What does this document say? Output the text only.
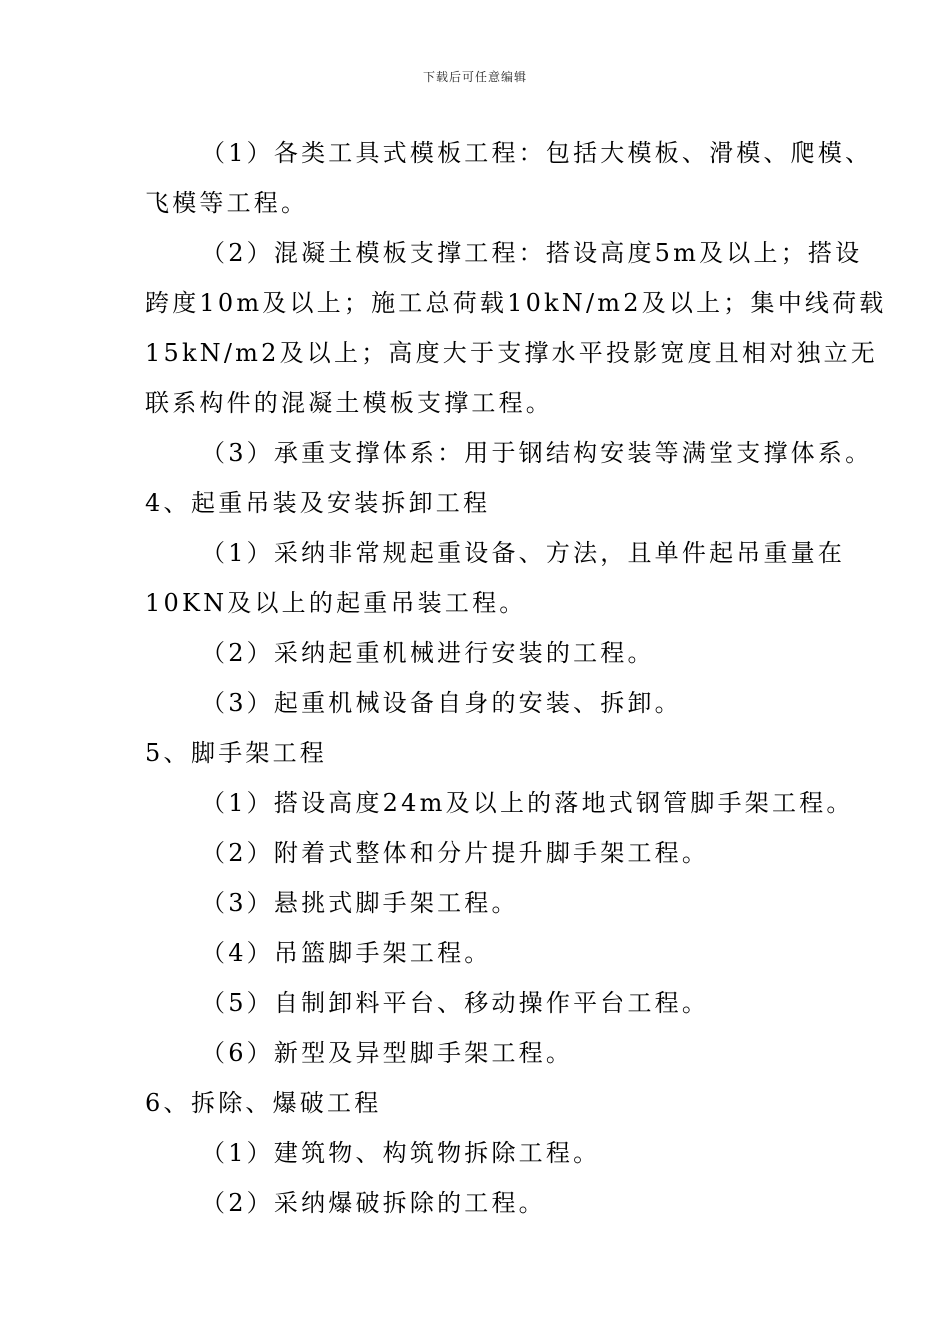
下载后可任意编辑
（1）各类工具式模板工程：包括大模板、滑模、爬模、
飞模等工程。
（2）混凝土模板支撑工程：搭设高度5m及以上；搭设
跨度10m及以上；施工总荷载10kN/m2及以上；集中线荷载
15kN/m2及以上；高度大于支撑水平投影宽度且相对独立无
联系构件的混凝土模板支撑工程。
（3）承重支撑体系：用于钢结构安装等满堂支撑体系。
4、起重吊装及安装拆卸工程
（1）采纳非常规起重设备、方法，且单件起吊重量在
10KN及以上的起重吊装工程。
（2）采纳起重机械进行安装的工程。
（3）起重机械设备自身的安装、拆卸。
5、脚手架工程
（1）搭设高度24m及以上的落地式钢管脚手架工程。
（2）附着式整体和分片提升脚手架工程。
（3）悬挑式脚手架工程。
（4）吊篮脚手架工程。
（5）自制卸料平台、移动操作平台工程。
（6）新型及异型脚手架工程。
6、拆除、爆破工程
（1）建筑物、构筑物拆除工程。
（2）采纳爆破拆除的工程。
